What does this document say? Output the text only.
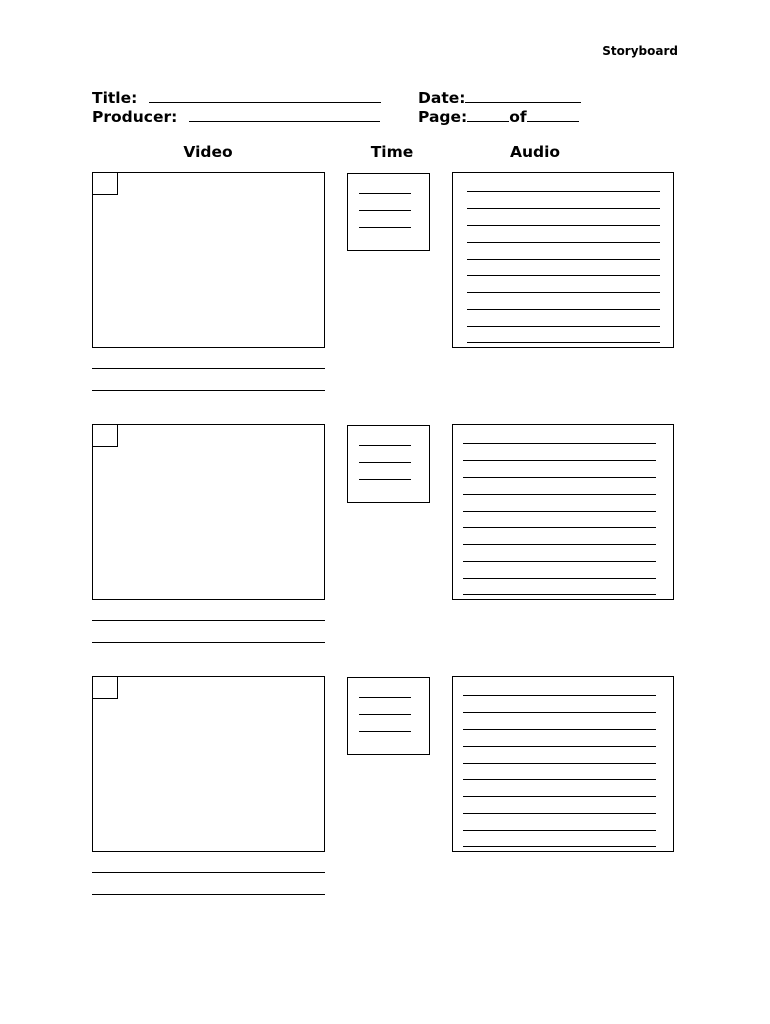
Storyboard
Title:
Producer:
Date:
Page:	of
Video	Time	Audio
